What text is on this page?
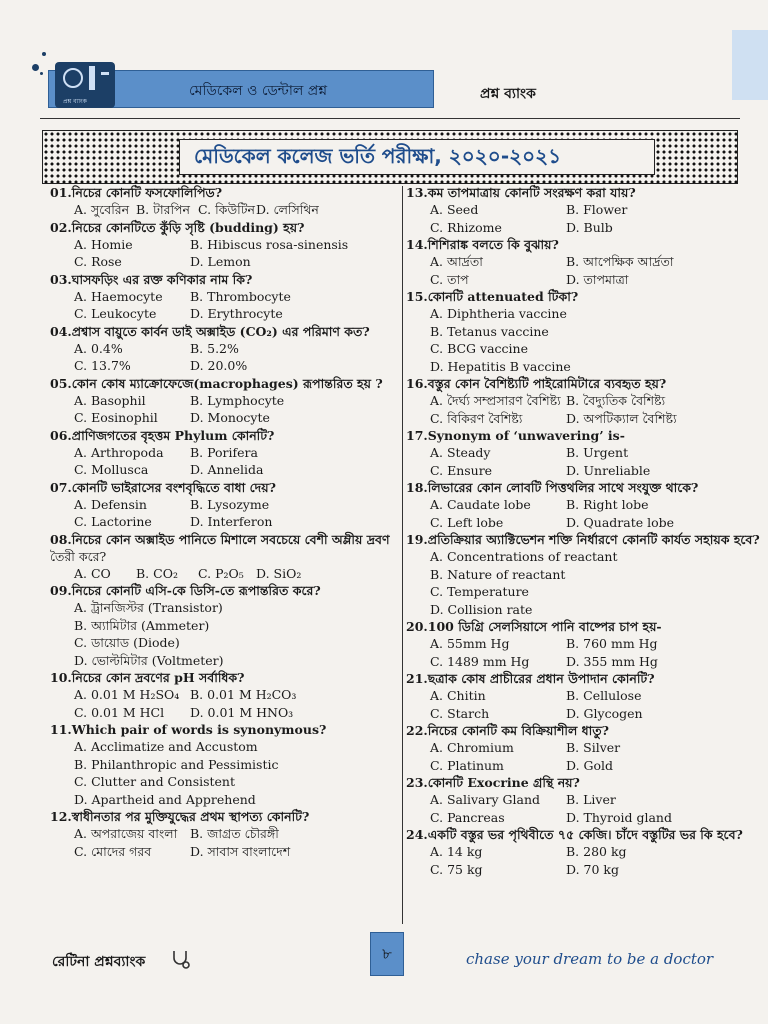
মেডিকেল ও ডেন্টাল প্রশ্ন
প্রশ্ন ব্যাংক	প্রশ্ন ব্যাংক
মেডিকেল কলেজ ভর্তি পরীক্ষা, ২০২০-২০২১
01.নিচের কোনটি ফসফোলিপিড?
A. সুবেরিন B. টারপিন C. কিউটিন D. লেসিথিন
02.নিচের কোনটিতে কুঁড়ি সৃষ্টি (budding) হয়?
A. Homie	B. Hibiscus rosa-sinensis
C. Rose	D. Lemon
03.ঘাসফড়িং এর রক্ত কণিকার নাম কি?
A. Haemocyte B. Thrombocyte
C. Leukocyte	D. Erythrocyte
04.প্রশ্বাস বায়ুতে কার্বন ডাই অক্সাইড (CO₂) এর পরিমাণ কত?
A. 0.4%	B. 5.2%
C. 13.7%	D. 20.0%
05.কোন কোষ ম্যাক্রোফেজে(macrophages) রূপান্তরিত হয় ?
A. Basophil	B. Lymphocyte
C. Eosinophil	D. Monocyte
06.প্রাণিজগতের বৃহত্তম Phylum কোনটি?
A. Arthropoda B. Porifera
C. Mollusca	D. Annelida
07.কোনটি ভাইরাসের বংশবৃদ্ধিতে বাধা দেয়?
A. Defensin	B. Lysozyme
C. Lactorine	D. Interferon
08.নিচের কোন অক্সাইড পানিতে মিশালে সবচেয়ে বেশী অম্লীয় দ্রবণ
তৈরী করে?
A. CO B. CO₂ C. P₂O₅ D. SiO₂
09.নিচের কোনটি এসি-কে ডিসি-তে রূপান্তরিত করে?
A. ট্রানজিস্টর (Transistor)
B. অ্যামিটার (Ammeter)
C. ডায়োড (Diode)
D. ভোল্টমিটার (Voltmeter)
10.নিচের কোন দ্রবণের pH সর্বাধিক?
A. 0.01 M H₂SO₄ B. 0.01 M H₂CO₃
C. 0.01 M HCl D. 0.01 M HNO₃
11.Which pair of words is synonymous?
A. Acclimatize and Accustom
B. Philanthropic and Pessimistic
C. Clutter and Consistent
D. Apartheid and Apprehend
12.স্বাধীনতার পর মুক্তিযুদ্ধের প্রথম স্থাপত্য কোনটি?
A. অপরাজেয় বাংলা B. জাগ্রত চৌরঙ্গী
C. মোদের গরব	D. সাবাস বাংলাদেশ
13.কম তাপমাত্রায় কোনটি সংরক্ষণ করা যায়?
A. Seed	B. Flower
C. Rhizome	D. Bulb
14.শিশিরাঙ্ক বলতে কি বুঝায়?
A. আর্দ্রতা	B. আপেক্ষিক আর্দ্রতা
C. তাপ	D. তাপমাত্রা
15.কোনটি attenuated টিকা?
A. Diphtheria vaccine
B. Tetanus vaccine
C. BCG vaccine
D. Hepatitis B vaccine
16.বস্তুর কোন বৈশিষ্ট্যটি পাইরোমিটারে ব্যবহৃত হয়?
A. দৈর্ঘ্য সম্প্রসারণ বৈশিষ্ট্য B. বৈদ্যুতিক বৈশিষ্ট্য
C. বিকিরণ বৈশিষ্ট্য	D. অপটিক্যাল বৈশিষ্ট্য
17.Synonym of ‘unwavering’ is-
A. Steady	B. Urgent
C. Ensure	D. Unreliable
18.লিভারের কোন লোবটি পিত্তথলির সাথে সংযুক্ত থাকে?
A. Caudate lobe	B. Right lobe
C. Left lobe	D. Quadrate lobe
19.প্রতিক্রিয়ার অ্যাক্টিভেশন শক্তি নির্ধারণে কোনটি কার্যত সহায়ক হবে?
A. Concentrations of reactant
B. Nature of reactant
C. Temperature
D. Collision rate
20.100 ডিগ্রি সেলসিয়াসে পানি বাষ্পের চাপ হয়-
A. 55mm Hg	B. 760 mm Hg
C. 1489 mm Hg	D. 355 mm Hg
21.ছত্রাক কোষ প্রাচীরের প্রধান উপাদান কোনটি?
A. Chitin	B. Cellulose
C. Starch	D. Glycogen
22.নিচের কোনটি কম বিক্রিয়াশীল ধাতু?
A. Chromium	B. Silver
C. Platinum	D. Gold
23.কোনটি Exocrine গ্রন্থি নয়?
A. Salivary Gland B. Liver
C. Pancreas	D. Thyroid gland
24.একটি বস্তুর ভর পৃথিবীতে ৭৫ কেজি। চাঁদে বস্তুটির ভর কি হবে?
A. 14 kg	B. 280 kg
C. 75 kg	D. 70 kg
রেটিনা প্রশ্নব্যাংক	৮	chase your dream to be a doctor
